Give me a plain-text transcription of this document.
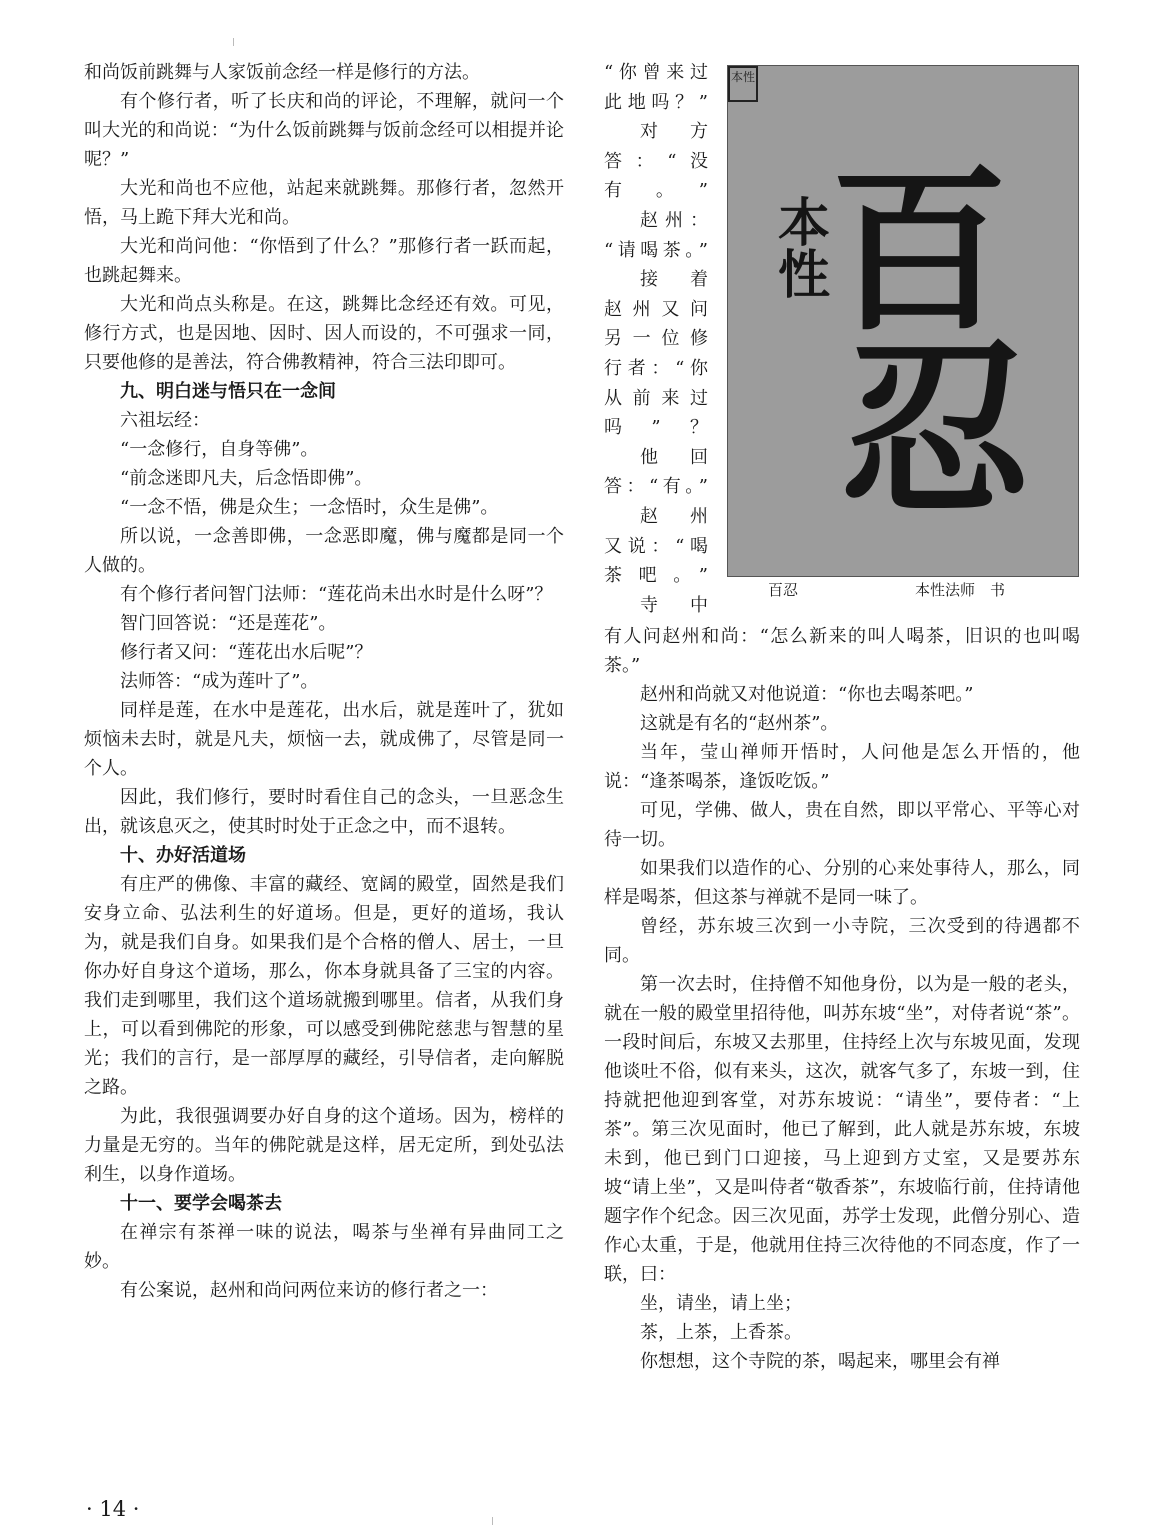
和尚饭前跳舞与人家饭前念经一样是修行的方法。

有个修行者，听了长庆和尚的评论，不理解，就问一个叫大光的和尚说：“为什么饭前跳舞与饭前念经可以相提并论呢？”

大光和尚也不应他，站起来就跳舞。那修行者，忽然开悟，马上跪下拜大光和尚。

大光和尚问他：“你悟到了什么？”那修行者一跃而起，也跳起舞来。

大光和尚点头称是。在这，跳舞比念经还有效。可见，修行方式，也是因地、因时、因人而设的，不可强求一同，只要他修的是善法，符合佛教精神，符合三法印即可。

九、明白迷与悟只在一念间

六祖坛经：

“一念修行，自身等佛”。

“前念迷即凡夫，后念悟即佛”。

“一念不悟，佛是众生；一念悟时，众生是佛”。

所以说，一念善即佛，一念恶即魔，佛与魔都是同一个人做的。

有个修行者问智门法师：“莲花尚未出水时是什么呀”？

智门回答说：“还是莲花”。

修行者又问：“莲花出水后呢”？

法师答：“成为莲叶了”。

同样是莲，在水中是莲花，出水后，就是莲叶了，犹如烦恼未去时，就是凡夫，烦恼一去，就成佛了，尽管是同一个人。

因此，我们修行，要时时看住自己的念头，一旦恶念生出，就该息灭之，使其时时处于正念之中，而不退转。

十、办好活道场

有庄严的佛像、丰富的藏经、宽阔的殿堂，固然是我们安身立命、弘法利生的好道场。但是，更好的道场，我认为，就是我们自身。如果我们是个合格的僧人、居士，一旦你办好自身这个道场，那么，你本身就具备了三宝的内容。我们走到哪里，我们这个道场就搬到哪里。信者，从我们身上，可以看到佛陀的形象，可以感受到佛陀慈悲与智慧的星光；我们的言行，是一部厚厚的藏经，引导信者，走向解脱之路。

为此，我很强调要办好自身的这个道场。因为，榜样的力量是无穷的。当年的佛陀就是这样，居无定所，到处弘法利生，以身作道场。

十一、要学会喝茶去

在禅宗有茶禅一味的说法，喝茶与坐禅有异曲同工之妙。

有公案说，赵州和尚问两位来访的修行者之一：

“你曾来过

此地吗？”

对　方

答：“没

有。”

赵州：

“请喝茶。”

接　着

赵州又问

另一位修

行者：“你

从前来过

吗”？

他　回

答：“有。”

赵　州

又说：“喝

茶吧。”

寺　中

百
忍
本性
本性
百忍	本性法师　书

有人问赵州和尚：“怎么新来的叫人喝茶，旧识的也叫喝茶。”

赵州和尚就又对他说道：“你也去喝茶吧。”

这就是有名的“赵州茶”。

当年，莹山禅师开悟时，人问他是怎么开悟的，他说：“逢茶喝茶，逢饭吃饭。”

可见，学佛、做人，贵在自然，即以平常心、平等心对待一切。

如果我们以造作的心、分别的心来处事待人，那么，同样是喝茶，但这茶与禅就不是同一味了。

曾经，苏东坡三次到一小寺院，三次受到的待遇都不同。

第一次去时，住持僧不知他身份，以为是一般的老头，就在一般的殿堂里招待他，叫苏东坡“坐”，对侍者说“茶”。一段时间后，东坡又去那里，住持经上次与东坡见面，发现他谈吐不俗，似有来头，这次，就客气多了，东坡一到，住持就把他迎到客堂，对苏东坡说：“请坐”，要侍者：“上茶”。第三次见面时，他已了解到，此人就是苏东坡，东坡未到，他已到门口迎接，马上迎到方丈室，又是要苏东坡“请上坐”，又是叫侍者“敬香茶”，东坡临行前，住持请他题字作个纪念。因三次见面，苏学士发现，此僧分别心、造作心太重，于是，他就用住持三次待他的不同态度，作了一联，曰：

坐，请坐，请上坐；

茶，上茶，上香茶。

你想想，这个寺院的茶，喝起来，哪里会有禅

· 14 ·
